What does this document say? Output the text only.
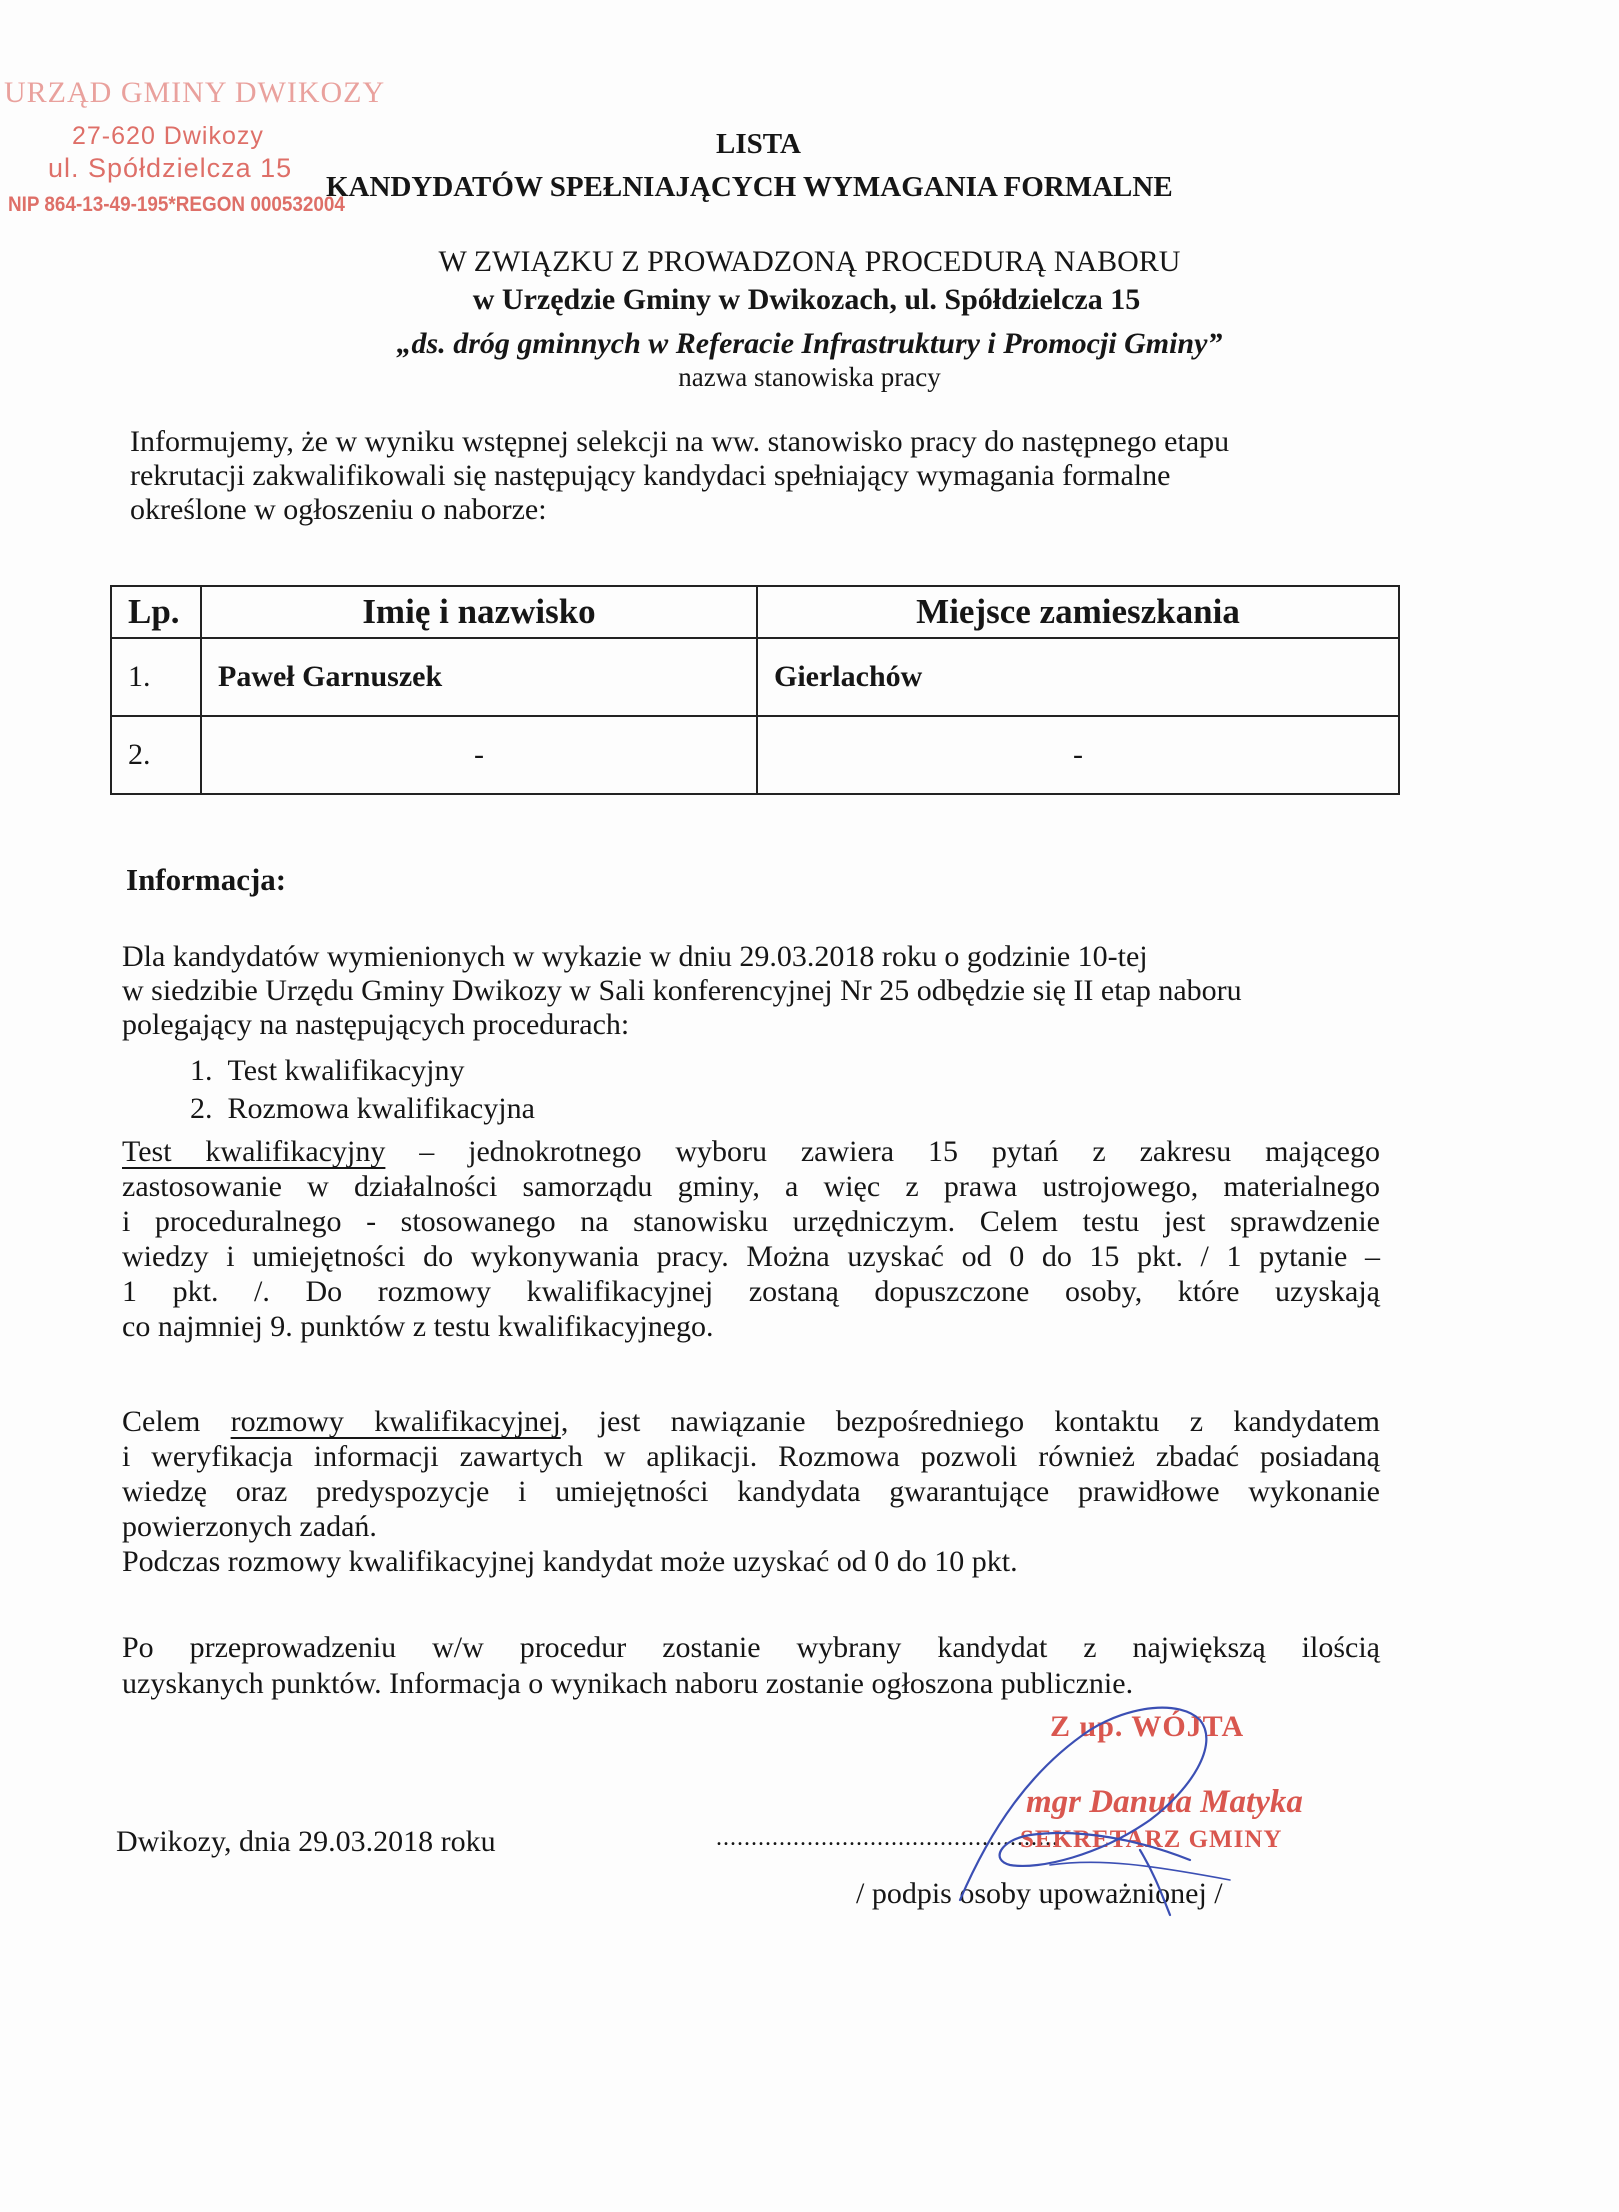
URZĄD GMINY DWIKOZY
27-620 Dwikozy
ul. Spółdzielcza 15
NIP 864-13-49-195*REGON 000532004
LISTA
KANDYDATÓW SPEŁNIAJĄCYCH WYMAGANIA FORMALNE
W ZWIĄZKU Z PROWADZONĄ PROCEDURĄ NABORU
w Urzędzie Gminy w Dwikozach, ul. Spółdzielcza 15
„ds. dróg gminnych w Referacie Infrastruktury i Promocji Gminy”
nazwa stanowiska pracy
Informujemy, że w wyniku wstępnej selekcji na ww. stanowisko pracy do następnego etapu
rekrutacji zakwalifikowali się następujący kandydaci spełniający wymagania formalne
określone w ogłoszeniu o naborze:
Lp.	Imię i nazwisko	Miejsce zamieszkania
1.	Paweł Garnuszek	Gierlachów
2.	-	-
Informacja:
Dla kandydatów wymienionych w wykazie w dniu 29.03.2018 roku o godzinie 10-tej
w siedzibie Urzędu Gminy Dwikozy w Sali konferencyjnej Nr 25 odbędzie się II etap naboru
polegający na następujących procedurach:
1.  Test kwalifikacyjny
2.  Rozmowa kwalifikacyjna
Test kwalifikacyjny – jednokrotnego wyboru zawiera 15 pytań z zakresu mającego
zastosowanie w działalności samorządu gminy, a więc z prawa ustrojowego, materialnego
i proceduralnego - stosowanego na stanowisku urzędniczym. Celem testu jest sprawdzenie
wiedzy i umiejętności do wykonywania pracy. Można uzyskać od 0 do 15 pkt. / 1 pytanie –
1 pkt. /. Do rozmowy kwalifikacyjnej zostaną dopuszczone osoby, które uzyskają
co najmniej 9. punktów z testu kwalifikacyjnego.
Celem rozmowy kwalifikacyjnej, jest nawiązanie bezpośredniego kontaktu z kandydatem
i weryfikacja informacji zawartych w aplikacji. Rozmowa pozwoli również zbadać posiadaną
wiedzę oraz predyspozycje i umiejętności kandydata gwarantujące prawidłowe wykonanie
powierzonych zadań.
Podczas rozmowy kwalifikacyjnej kandydat może uzyskać od 0 do 10 pkt.
Po przeprowadzeniu w/w procedur zostanie wybrany kandydat z największą ilością
uzyskanych punktów. Informacja o wynikach naboru zostanie ogłoszona publicznie.
Dwikozy, dnia 29.03.2018 roku	.................................................
/ podpis osoby upoważnionej /
Z up. WÓJTA
mgr Danuta Matyka
SEKRETARZ GMINY
